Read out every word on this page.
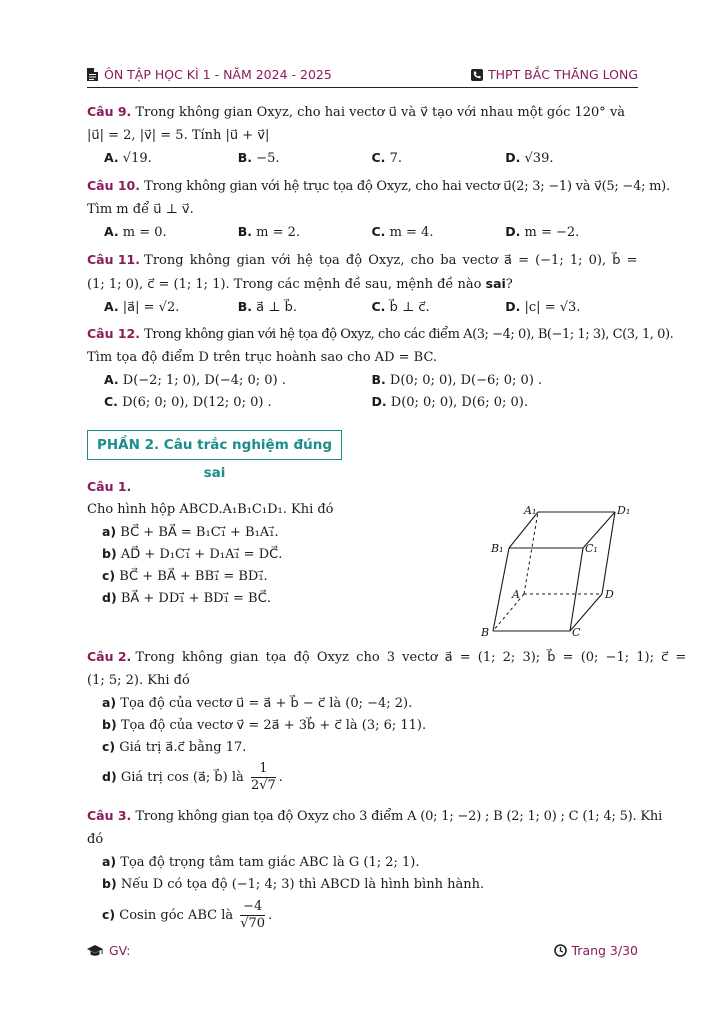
ÔN TẬP HỌC KÌ 1 - NĂM 2024 - 2025	THPT BẮC THĂNG LONG

Câu 9. Trong không gian Oxyz, cho hai vectơ u⃗ và v⃗ tạo với nhau một góc 120° và

|u⃗| = 2, |v⃗| = 5. Tính |u⃗ + v⃗|

A. √19.	B. −5.	C. 7.	D. √39.

Câu 10. Trong không gian với hệ trục tọa độ Oxyz, cho hai vectơ u⃗(2; 3; −1) và v⃗(5; −4; m).

Tìm m để u⃗ ⊥ v⃗.

A. m = 0.	B. m = 2.	C. m = 4.	D. m = −2.

Câu 11. Trong không gian với hệ tọa độ Oxyz, cho ba vectơ a⃗ = (−1; 1; 0), b⃗ =

(1; 1; 0), c⃗ = (1; 1; 1). Trong các mệnh đề sau, mệnh đề nào sai?

A. |a⃗| = √2.	B. a⃗ ⊥ b⃗.	C. b⃗ ⊥ c⃗.	D. |c| = √3.

Câu 12. Trong không gian với hệ tọa độ Oxyz, cho các điểm A(3; −4; 0), B(−1; 1; 3), C(3, 1, 0).

Tìm tọa độ điểm D trên trục hoành sao cho AD = BC.

A. D(−2; 1; 0), D(−4; 0; 0) .	B. D(0; 0; 0), D(−6; 0; 0) .
C. D(6; 0; 0), D(12; 0; 0) .	D. D(0; 0; 0), D(6; 0; 0).
PHẦN 2. Câu trắc nghiệm đúng sai

Câu 1.

Cho hình hộp ABCD.A₁B₁C₁D₁. Khi đó

a) BC⃗ + BA⃗ = B₁C₁⃗ + B₁A₁⃗.
b) AD⃗ + D₁C₁⃗ + D₁A₁⃗ = DC⃗.
c) BC⃗ + BA⃗ + BB₁⃗ = BD₁⃗.
d) BA⃗ + DD₁⃗ + BD₁⃗ = BC⃗.
A₁	D₁
B₁	C₁
A	D
B	C

Câu 2. Trong không gian tọa độ Oxyz cho 3 vectơ a⃗ = (1; 2; 3); b⃗ = (0; −1; 1); c⃗ =

(1; 5; 2). Khi đó

a) Tọa độ của vectơ u⃗ = a⃗ + b⃗ − c⃗ là (0; −4; 2).
b) Tọa độ của vectơ v⃗ = 2a⃗ + 3b⃗ + c⃗ là (3; 6; 11).
c) Giá trị a⃗.c⃗ bằng 17.
d) Giá trị cos (a⃗; b⃗) là $\frac{1}{2√7}$ .

Câu 3. Trong không gian tọa độ Oxyz cho 3 điểm A (0; 1; −2) ; B (2; 1; 0) ; C (1; 4; 5). Khi

đó

a) Tọa độ trọng tâm tam giác ABC là G (1; 2; 1).
b) Nếu D có tọa độ (−1; 4; 3) thì ABCD là hình bình hành.
c) Cosin góc ABC là $\frac{-4}{√70}$ .
GV:	Trang 3/30
